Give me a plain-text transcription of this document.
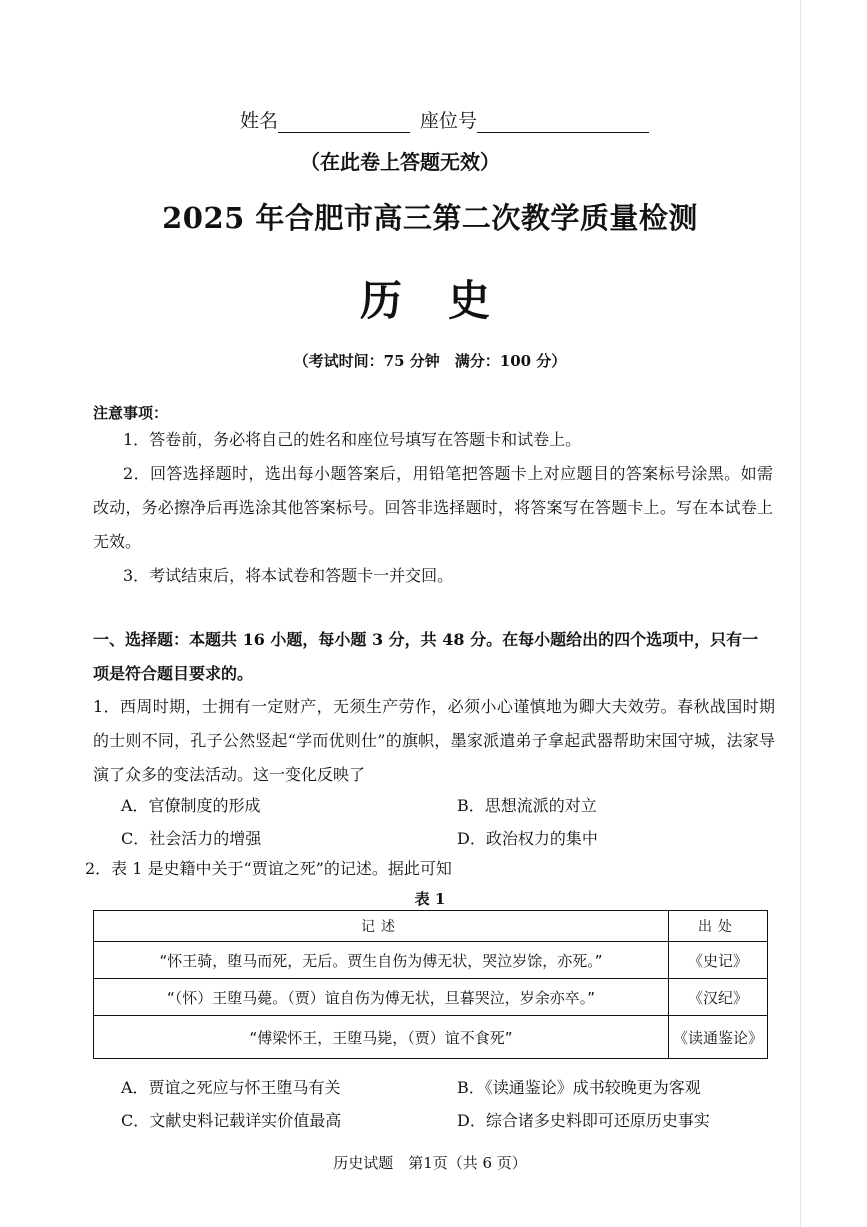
姓名	座位号
（在此卷上答题无效）
2025 年合肥市高三第二次教学质量检测
历史
（考试时间：75 分钟　满分：100 分）
注意事项：
1．答卷前，务必将自己的姓名和座位号填写在答题卡和试卷上。
2．回答选择题时，选出每小题答案后，用铅笔把答题卡上对应题目的答案标号涂黑。如需改动，务必擦净后再选涂其他答案标号。回答非选择题时，将答案写在答题卡上。写在本试卷上无效。
3．考试结束后，将本试卷和答题卡一并交回。
一、选择题：本题共 16 小题，每小题 3 分，共 48 分。在每小题给出的四个选项中，只有一项是符合题目要求的。
1．西周时期，士拥有一定财产，无须生产劳作，必须小心谨慎地为卿大夫效劳。春秋战国时期的士则不同，孔子公然竖起“学而优则仕”的旗帜，墨家派遣弟子拿起武器帮助宋国守城，法家导演了众多的变法活动。这一变化反映了
A．官僚制度的形成	B．思想流派的对立
C．社会活力的增强	D．政治权力的集中
2．表 1 是史籍中关于“贾谊之死”的记述。据此可知
表 1
记述	出处
“怀王骑，堕马而死，无后。贾生自伤为傅无状，哭泣岁馀，亦死。”	《史记》
“（怀）王堕马薨。（贾）谊自伤为傅无状，旦暮哭泣，岁余亦卒。”	《汉纪》
“傅梁怀王，王堕马毙，（贾）谊不食死”	《读通鉴论》
A．贾谊之死应与怀王堕马有关	B．《读通鉴论》成书较晚更为客观
C．文献史料记载详实价值最高	D．综合诸多史料即可还原历史事实
历史试题　第1页（共 6 页）
